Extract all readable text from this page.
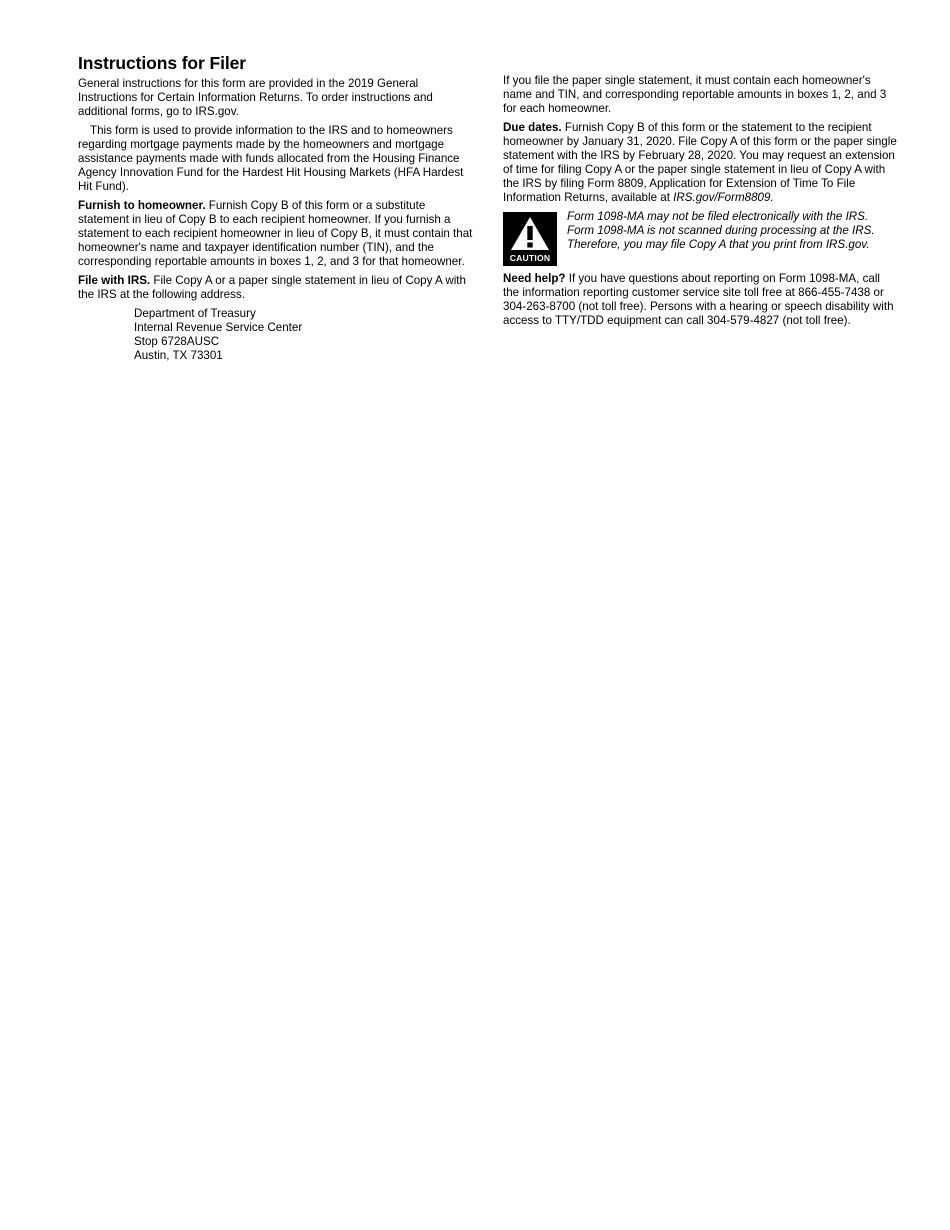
Instructions for Filer

General instructions for this form are provided in the 2019 General Instructions for Certain Information Returns. To order instructions and additional forms, go to IRS.gov.

This form is used to provide information to the IRS and to homeowners regarding mortgage payments made by the homeowners and mortgage assistance payments made with funds allocated from the Housing Finance Agency Innovation Fund for the Hardest Hit Housing Markets (HFA Hardest Hit Fund).

Furnish to homeowner. Furnish Copy B of this form or a substitute statement in lieu of Copy B to each recipient homeowner. If you furnish a statement to each recipient homeowner in lieu of Copy B, it must contain that homeowner's name and taxpayer identification number (TIN), and the corresponding reportable amounts in boxes 1, 2, and 3 for that homeowner.

File with IRS. File Copy A or a paper single statement in lieu of Copy A with the IRS at the following address.

Department of Treasury
Internal Revenue Service Center
Stop 6728AUSC
Austin, TX 73301

If you file the paper single statement, it must contain each homeowner's name and TIN, and corresponding reportable amounts in boxes 1, 2, and 3 for each homeowner.

Due dates. Furnish Copy B of this form or the statement to the recipient homeowner by January 31, 2020. File Copy A of this form or the paper single statement with the IRS by February 28, 2020. You may request an extension of time for filing Copy A or the paper single statement in lieu of Copy A with the IRS by filing Form 8809, Application for Extension of Time To File Information Returns, available at IRS.gov/Form8809.

CAUTION
Form 1098-MA may not be filed electronically with the IRS. Form 1098-MA is not scanned during processing at the IRS. Therefore, you may file Copy A that you print from IRS.gov.

Need help? If you have questions about reporting on Form 1098-MA, call the information reporting customer service site toll free at 866-455-7438 or 304-263-8700 (not toll free). Persons with a hearing or speech disability with access to TTY/TDD equipment can call 304-579-4827 (not toll free).
